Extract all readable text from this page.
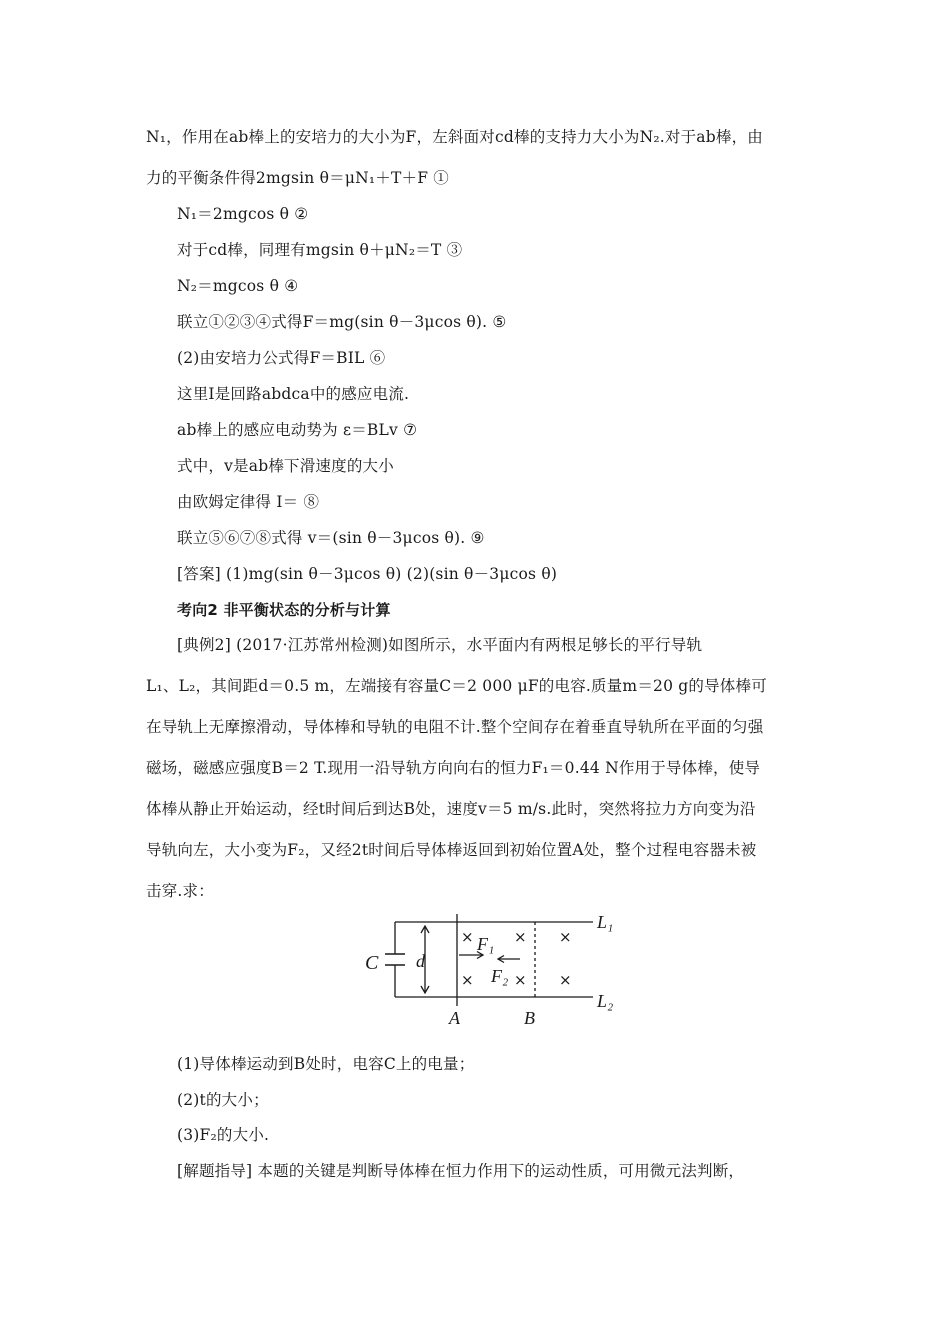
N₁，作用在ab棒上的安培力的大小为F，左斜面对cd棒的支持力大小为N₂.对于ab棒，由
力的平衡条件得2mgsin θ＝μN₁＋T＋F ①
N₁＝2mgcos θ ②
对于cd棒，同理有mgsin θ＋μN₂＝T ③
N₂＝mgcos θ ④
联立①②③④式得F＝mg(sin θ－3μcos θ). ⑤
(2)由安培力公式得F＝BIL ⑥
这里I是回路abdca中的感应电流.
ab棒上的感应电动势为 ε＝BLv ⑦
式中，v是ab棒下滑速度的大小
由欧姆定律得 I＝ ⑧
联立⑤⑥⑦⑧式得 v＝(sin θ－3μcos θ). ⑨
[答案] (1)mg(sin θ－3μcos θ) (2)(sin θ－3μcos θ)
考向2 非平衡状态的分析与计算
[典例2] (2017·江苏常州检测)如图所示，水平面内有两根足够长的平行导轨
L₁、L₂，其间距d＝0.5 m，左端接有容量C＝2 000 μF的电容.质量m＝20 g的导体棒可
在导轨上无摩擦滑动，导体棒和导轨的电阻不计.整个空间存在着垂直导轨所在平面的匀强
磁场，磁感应强度B＝2 T.现用一沿导轨方向向右的恒力F₁＝0.44 N作用于导体棒，使导
体棒从静止开始运动，经t时间后到达B处，速度v＝5 m/s.此时，突然将拉力方向变为沿
导轨向左，大小变为F₂，又经2t时间后导体棒返回到初始位置A处，整个过程电容器未被
击穿.求：
C d
×	× ×
×	× ×
F₁
F₂
A	B
L₁
L₂
(1)导体棒运动到B处时，电容C上的电量；
(2)t的大小；
(3)F₂的大小.
[解题指导] 本题的关键是判断导体棒在恒力作用下的运动性质，可用微元法判断，
